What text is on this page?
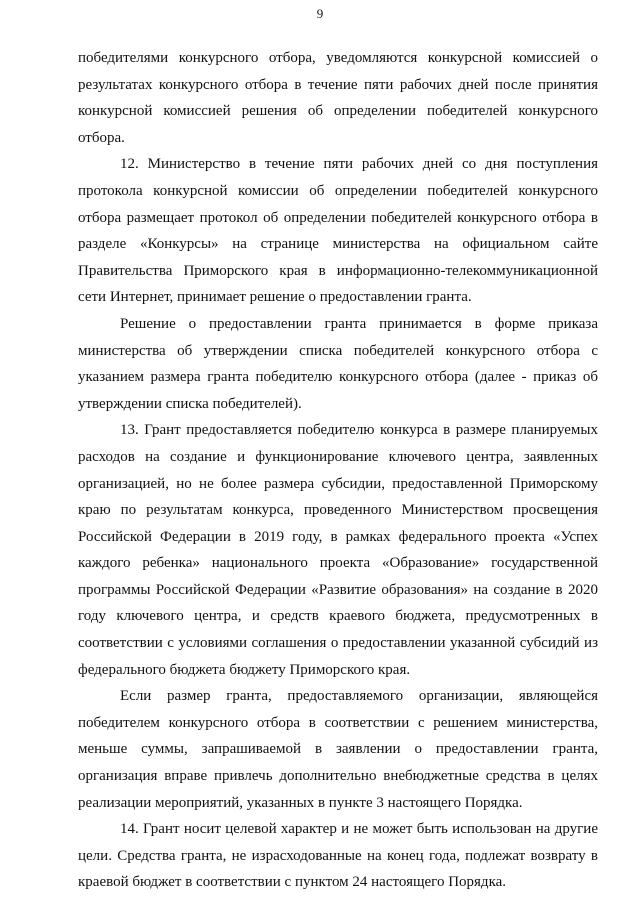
9

победителями конкурсного отбора, уведомляются конкурсной комиссией о результатах конкурсного отбора в течение пяти рабочих дней после принятия конкурсной комиссией решения об определении победителей конкурсного отбора.

12. Министерство в течение пяти рабочих дней со дня поступления протокола конкурсной комиссии об определении победителей конкурсного отбора размещает протокол об определении победителей конкурсного отбора в разделе «Конкурсы» на странице министерства на официальном сайте Правительства Приморского края в информационно-телекоммуникационной сети Интернет, принимает решение о предоставлении гранта.

Решение о предоставлении гранта принимается в форме приказа министерства об утверждении списка победителей конкурсного отбора с указанием размера гранта победителю конкурсного отбора (далее - приказ об утверждении списка победителей).

13. Грант предоставляется победителю конкурса в размере планируемых расходов на создание и функционирование ключевого центра, заявленных организацией, но не более размера субсидии, предоставленной Приморскому краю по результатам конкурса, проведенного Министерством просвещения Российской Федерации в 2019 году, в рамках федерального проекта «Успех каждого ребенка» национального проекта «Образование» государственной программы Российской Федерации «Развитие образования» на создание в 2020 году ключевого центра, и средств краевого бюджета, предусмотренных в соответствии с условиями соглашения о предоставлении указанной субсидий из федерального бюджета бюджету Приморского края.

Если размер гранта, предоставляемого организации, являющейся победителем конкурсного отбора в соответствии с решением министерства, меньше суммы, запрашиваемой в заявлении о предоставлении гранта, организация вправе привлечь дополнительно внебюджетные средства в целях реализации мероприятий, указанных в пункте 3 настоящего Порядка.

14. Грант носит целевой характер и не может быть использован на другие цели. Средства гранта, не израсходованные на конец года, подлежат возврату в краевой бюджет в соответствии с пунктом 24 настоящего Порядка.
